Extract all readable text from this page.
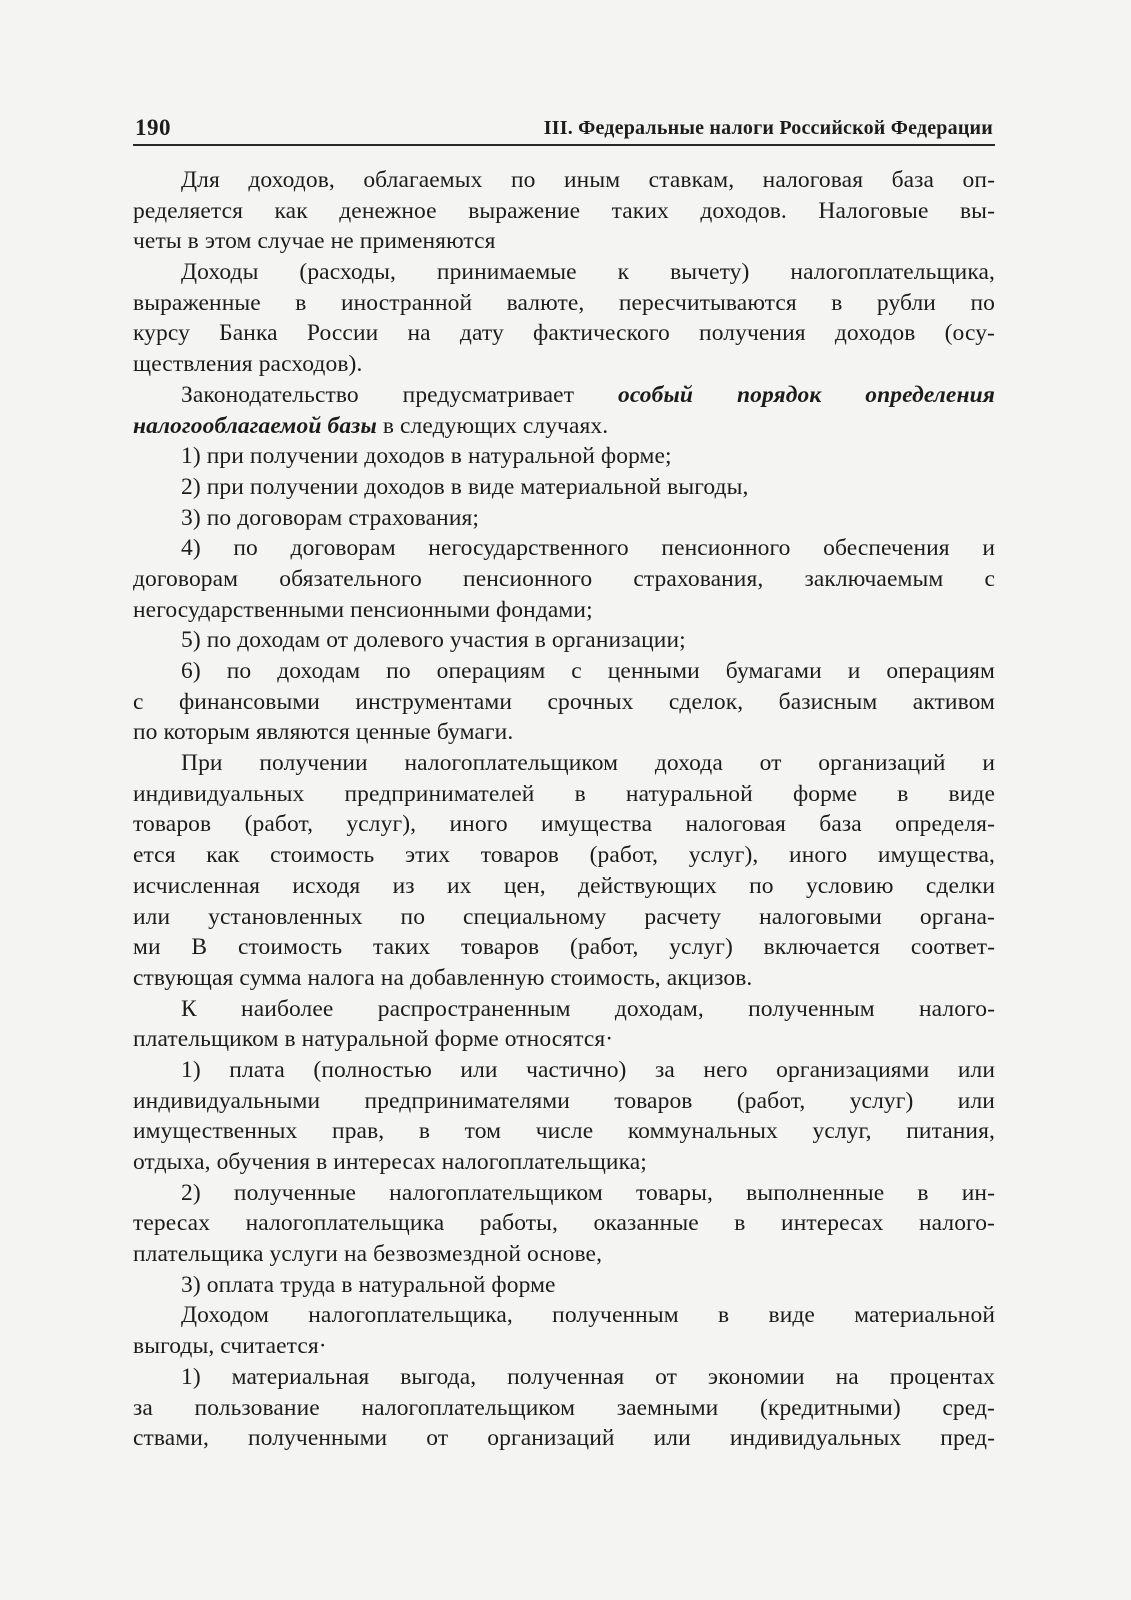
190	III. Федеральные налоги Российской Федерации
Для доходов, облагаемых по иным ставкам, налоговая база оп-
ределяется как денежное выражение таких доходов. Налоговые вы-
четы в этом случае не применяются
Доходы (расходы, принимаемые к вычету) налогоплательщика,
выраженные в иностранной валюте, пересчитываются в рубли по
курсу Банка России на дату фактического получения доходов (осу-
ществления расходов).
Законодательство предусматривает особый порядок определения
налогооблагаемой базы в следующих случаях.
1) при получении доходов в натуральной форме;
2) при получении доходов в виде материальной выгоды,
3) по договорам страхования;
4) по договорам негосударственного пенсионного обеспечения и
договорам обязательного пенсионного страхования, заключаемым с
негосударственными пенсионными фондами;
5) по доходам от долевого участия в организации;
6) по доходам по операциям с ценными бумагами и операциям
с финансовыми инструментами срочных сделок, базисным активом
по которым являются ценные бумаги.
При получении налогоплательщиком дохода от организаций и
индивидуальных предпринимателей в натуральной форме в виде
товаров (работ, услуг), иного имущества налоговая база определя-
ется как стоимость этих товаров (работ, услуг), иного имущества,
исчисленная исходя из их цен, действующих по условию сделки
или установленных по специальному расчету налоговыми органа-
ми В стоимость таких товаров (работ, услуг) включается соответ-
ствующая сумма налога на добавленную стоимость, акцизов.
К наиболее распространенным доходам, полученным налого-
плательщиком в натуральной форме относятся·
1) плата (полностью или частично) за него организациями или
индивидуальными предпринимателями товаров (работ, услуг) или
имущественных прав, в том числе коммунальных услуг, питания,
отдыха, обучения в интересах налогоплательщика;
2) полученные налогоплательщиком товары, выполненные в ин-
тересах налогоплательщика работы, оказанные в интересах налого-
плательщика услуги на безвозмездной основе,
3) оплата труда в натуральной форме
Доходом налогоплательщика, полученным в виде материальной
выгоды, считается·
1) материальная выгода, полученная от экономии на процентах
за пользование налогоплательщиком заемными (кредитными) сред-
ствами, полученными от организаций или индивидуальных пред-
